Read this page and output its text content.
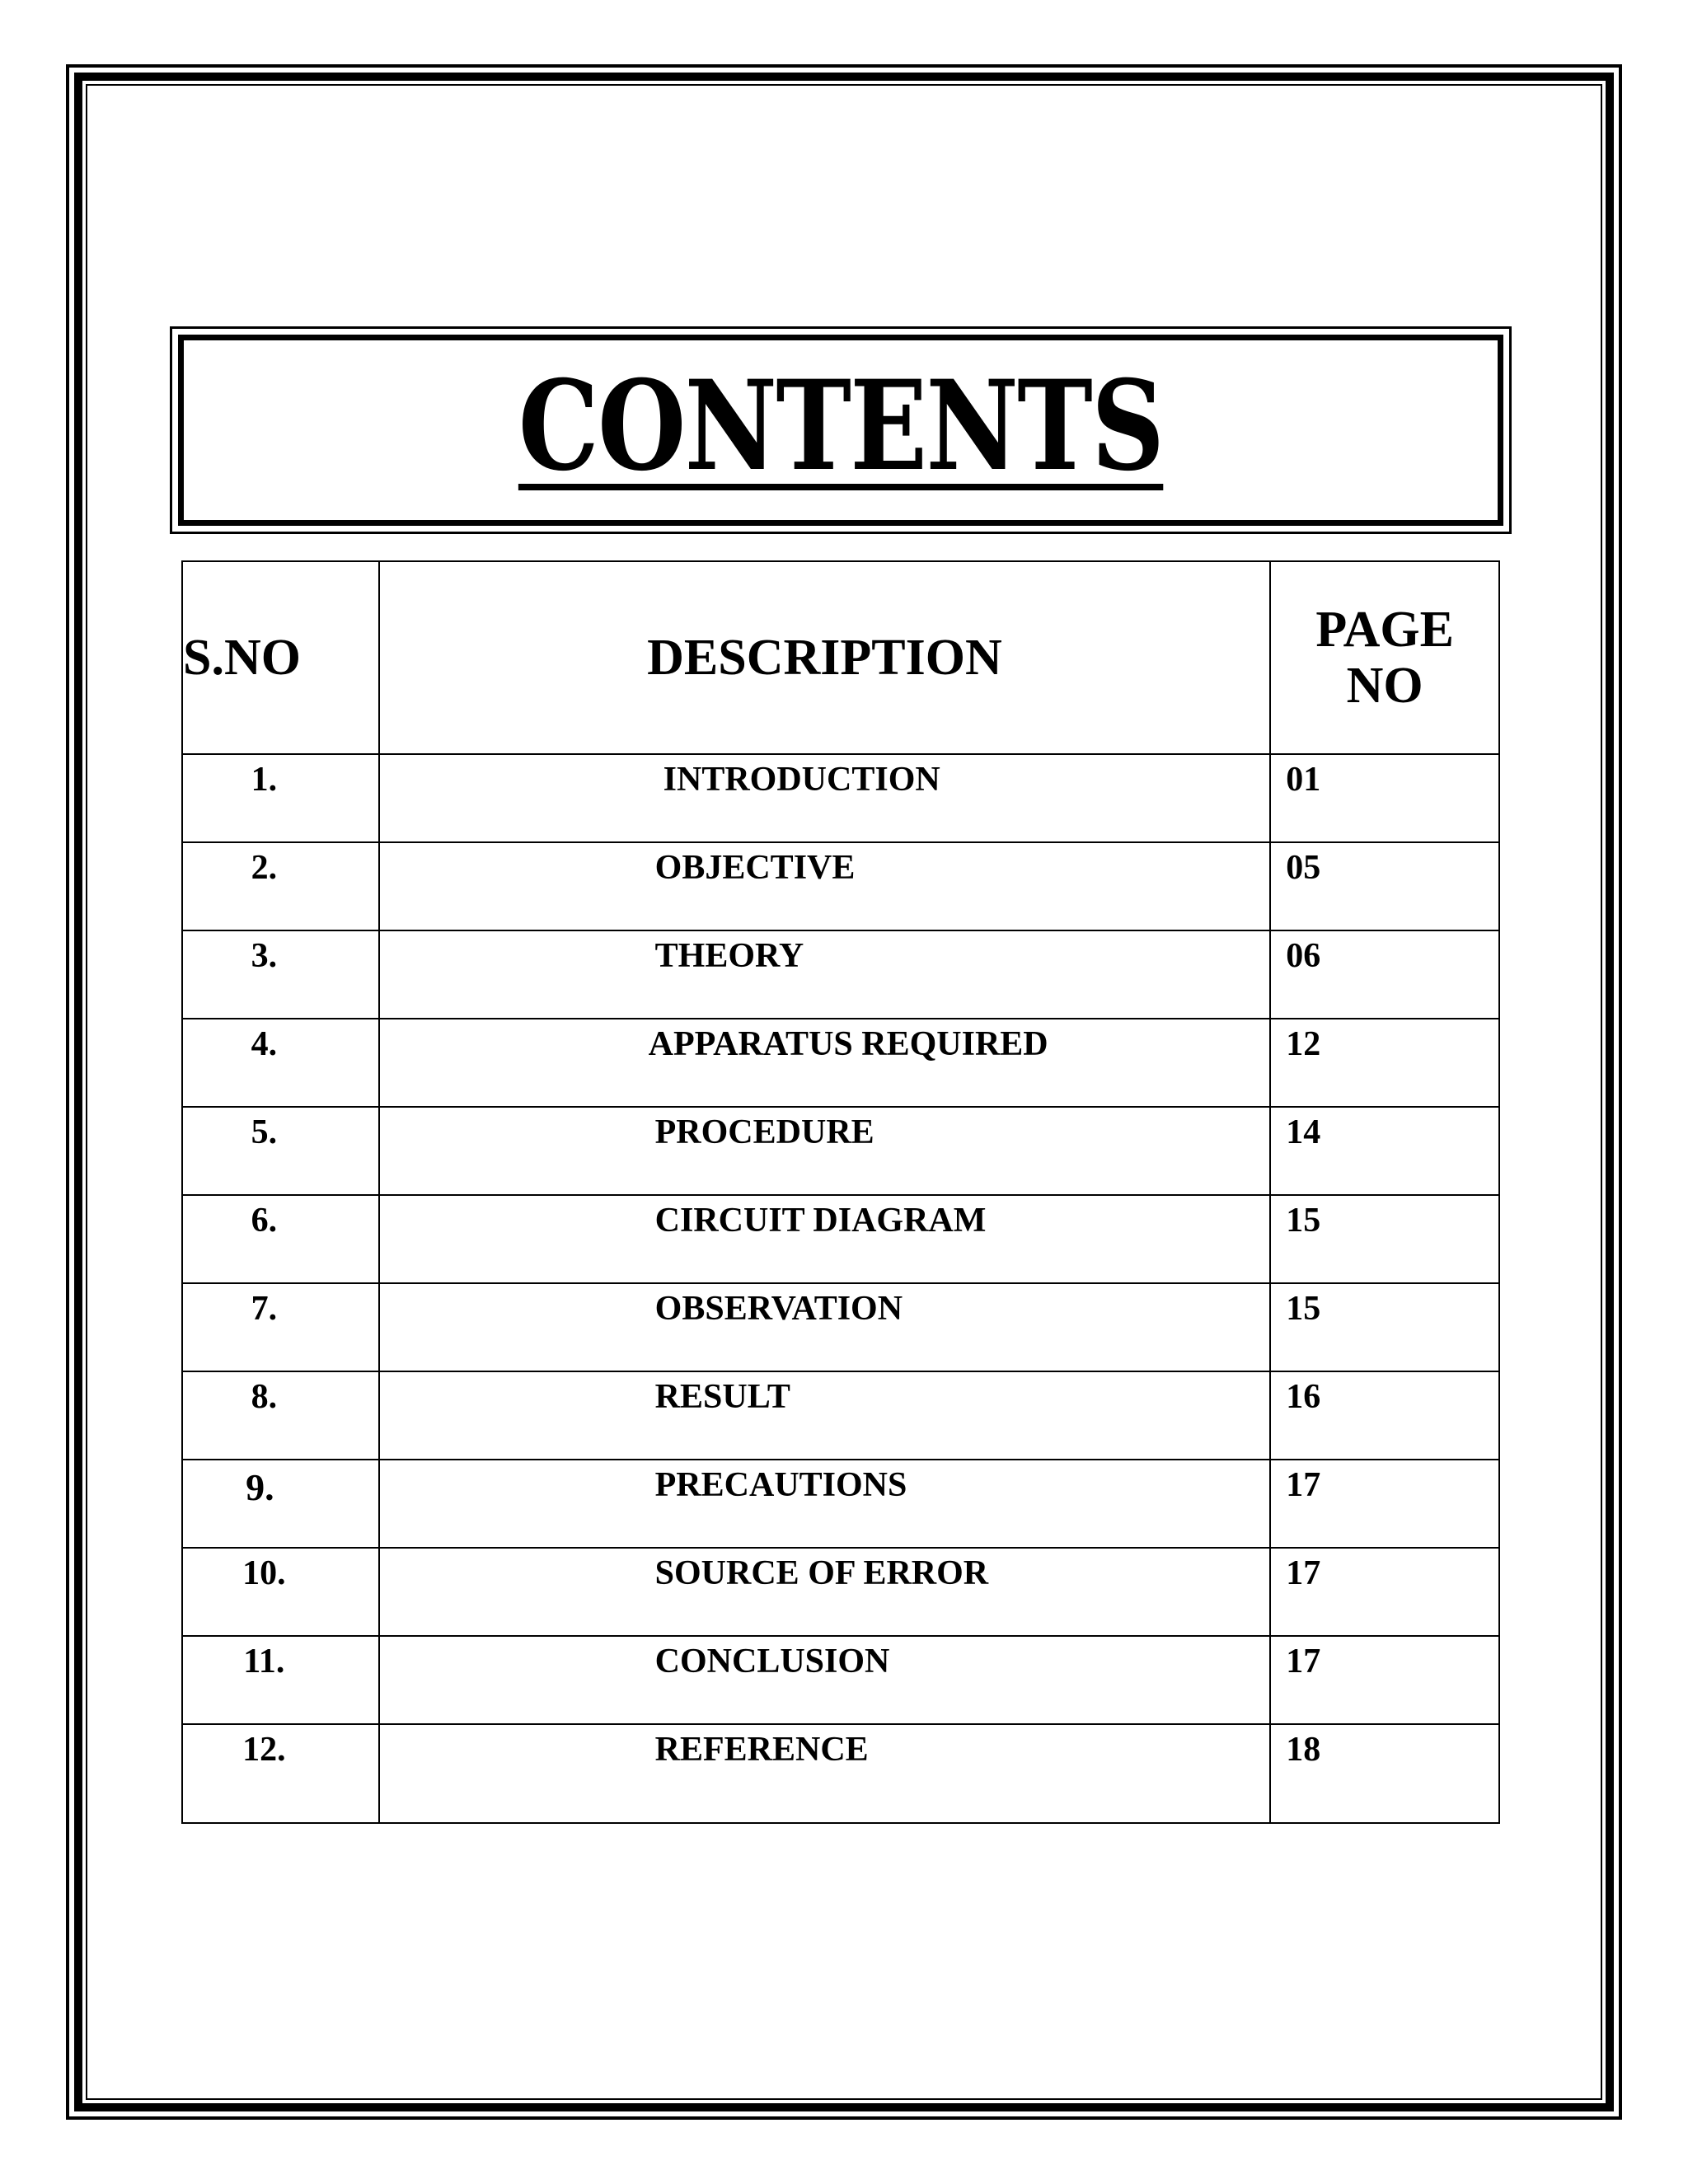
CONTENTS
S.NO	DESCRIPTION	PAGE NO
1.	INTRODUCTION	01
2.	OBJECTIVE	05
3.	THEORY	06
4.	APPARATUS REQUIRED	12
5.	PROCEDURE	14
6.	CIRCUIT DIAGRAM	15
7.	OBSERVATION	15
8.	RESULT	16
9.	PRECAUTIONS	17
10.	SOURCE OF ERROR	17
11.	CONCLUSION	17
12.	REFERENCE	18
